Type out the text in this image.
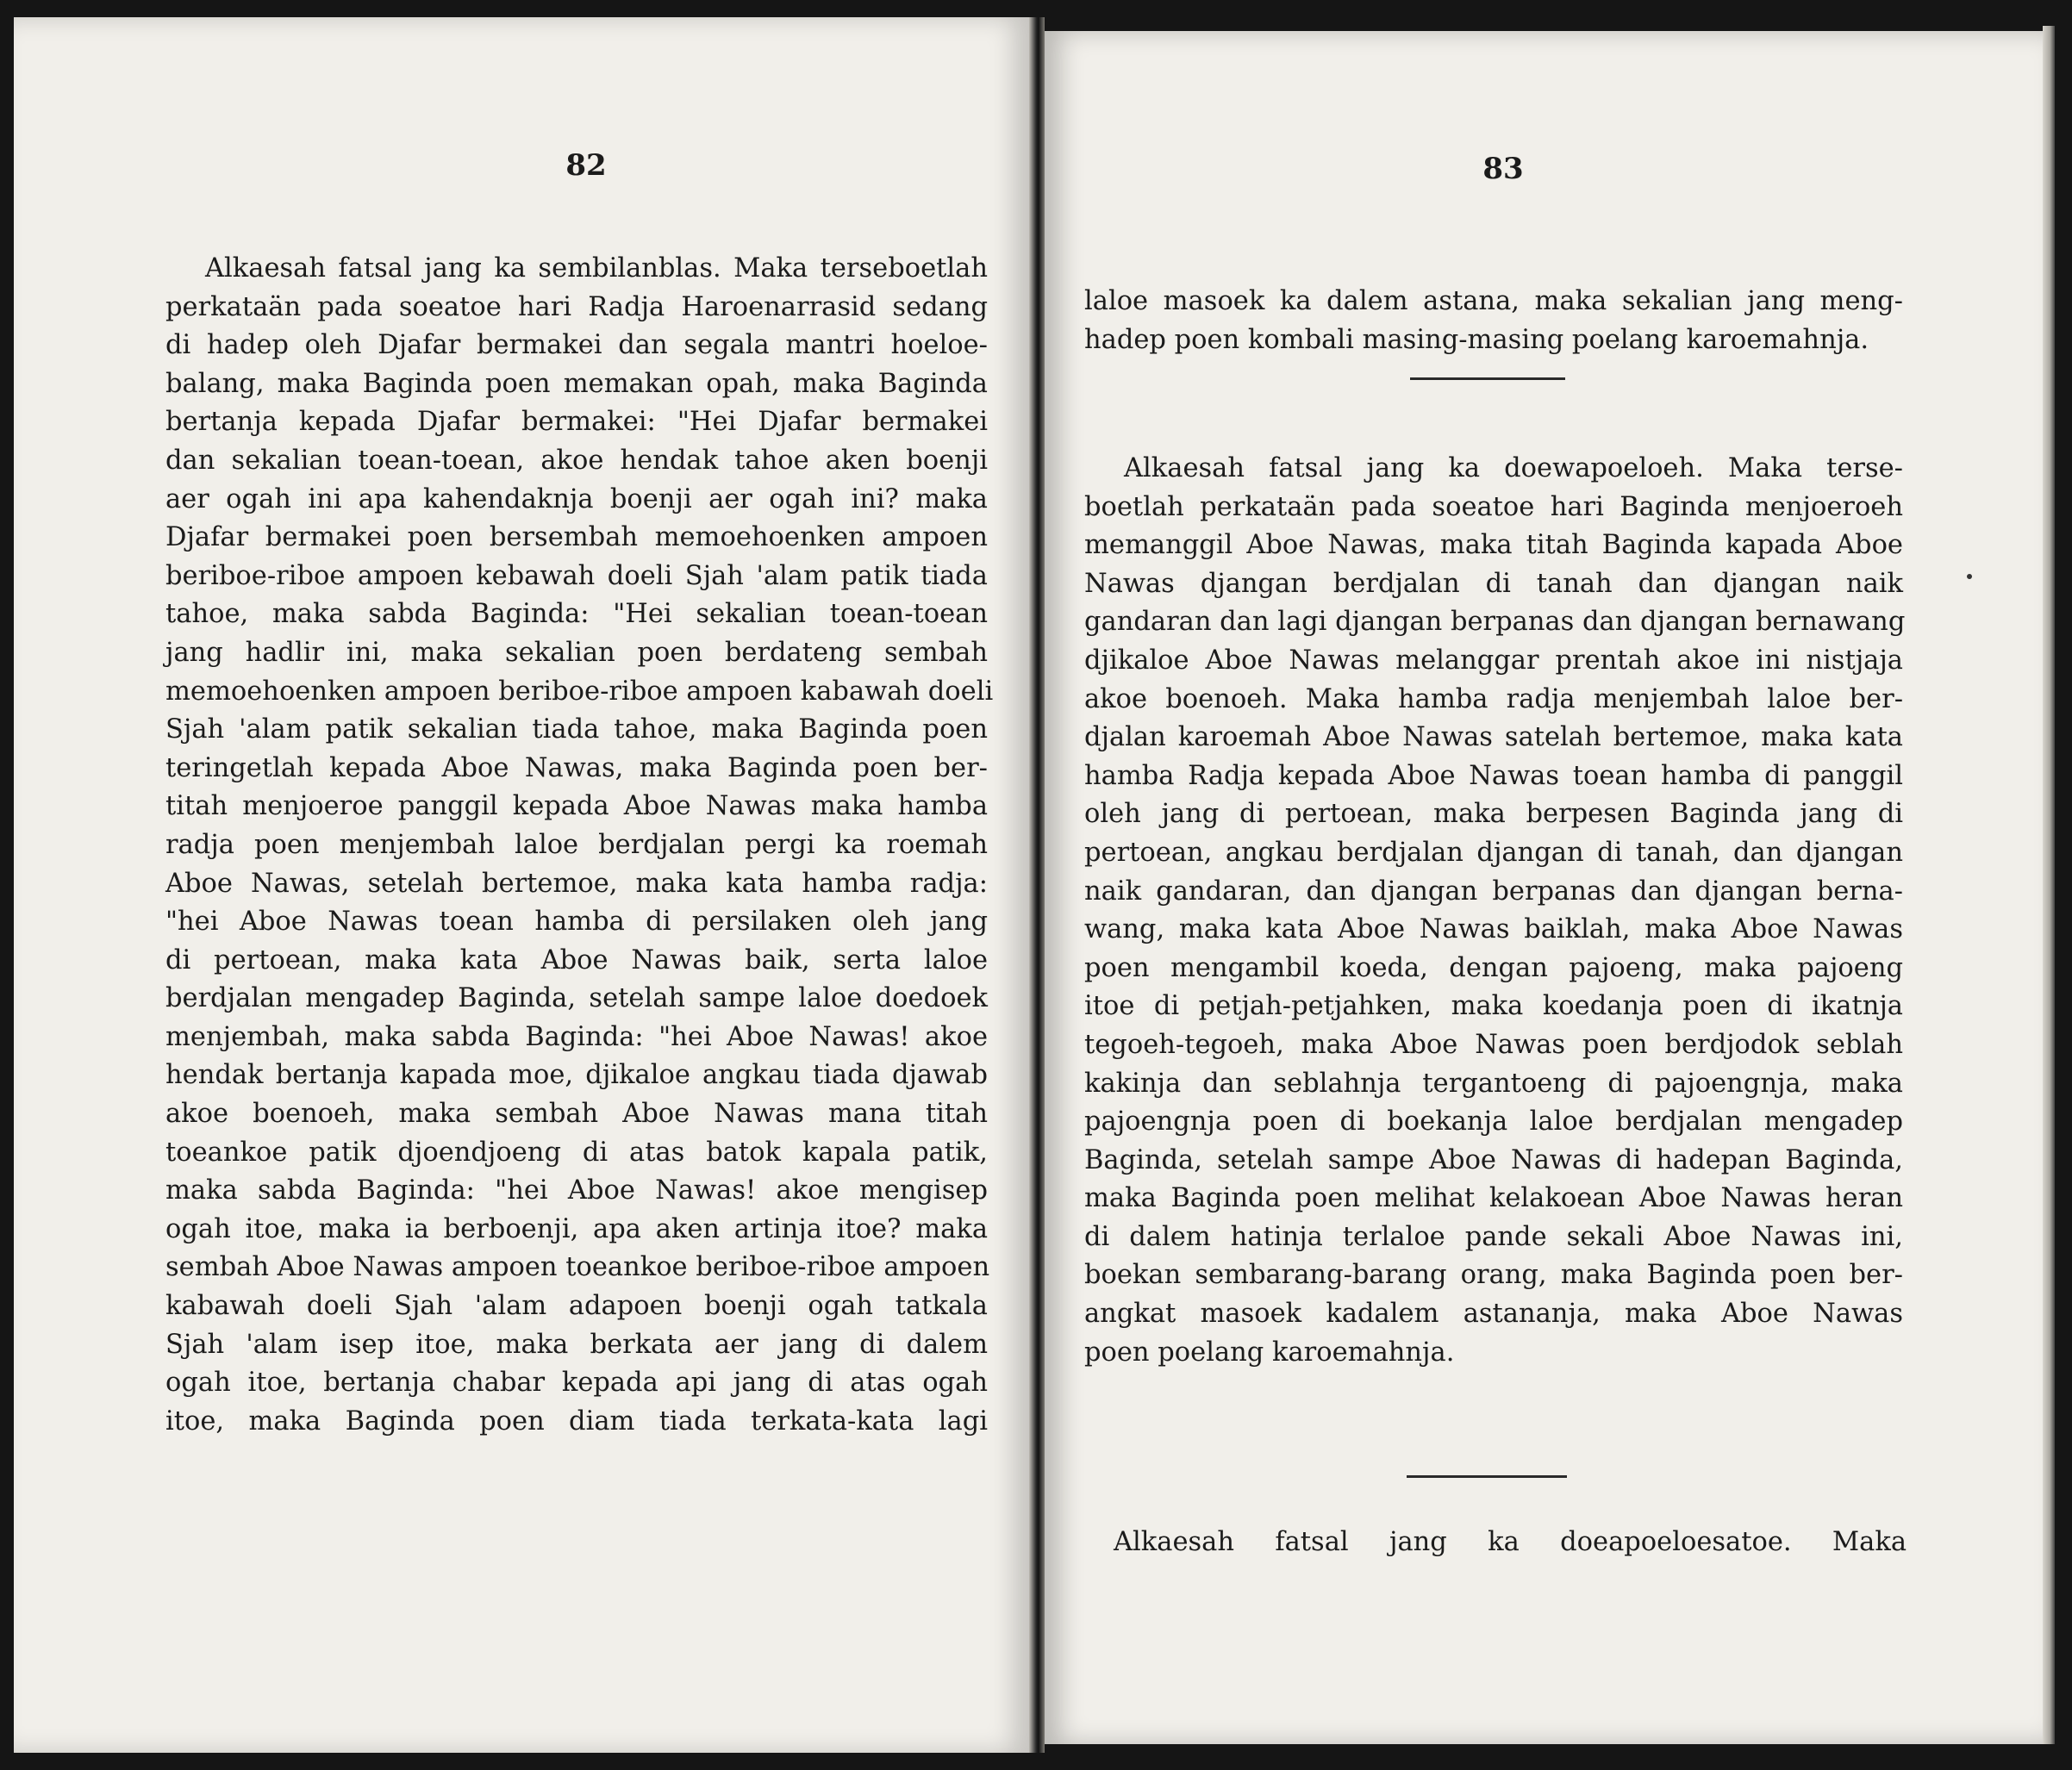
82
Alkaesah fatsal jang ka sembilanblas. Maka terseboetlah
perkataän pada soeatoe hari Radja Haroenarrasid sedang
di hadep oleh Djafar bermakei dan segala mantri hoeloe-
balang, maka Baginda poen memakan opah, maka Baginda
bertanja kepada Djafar bermakei: "Hei Djafar bermakei
dan sekalian toean-toean, akoe hendak tahoe aken boenji
aer ogah ini apa kahendaknja boenji aer ogah ini? maka
Djafar bermakei poen bersembah memoehoenken ampoen
beriboe-riboe ampoen kebawah doeli Sjah 'alam patik tiada
tahoe, maka sabda Baginda: "Hei sekalian toean-toean
jang hadlir ini, maka sekalian poen berdateng sembah
memoehoenken ampoen beriboe-riboe ampoen kabawah doeli
Sjah 'alam patik sekalian tiada tahoe, maka Baginda poen
teringetlah kepada Aboe Nawas, maka Baginda poen ber-
titah menjoeroe panggil kepada Aboe Nawas maka hamba
radja poen menjembah laloe berdjalan pergi ka roemah
Aboe Nawas, setelah bertemoe, maka kata hamba radja:
"hei Aboe Nawas toean hamba di persilaken oleh jang
di pertoean, maka kata Aboe Nawas baik, serta laloe
berdjalan mengadep Baginda, setelah sampe laloe doedoek
menjembah, maka sabda Baginda: "hei Aboe Nawas! akoe
hendak bertanja kapada moe, djikaloe angkau tiada djawab
akoe boenoeh, maka sembah Aboe Nawas mana titah
toeankoe patik djoendjoeng di atas batok kapala patik,
maka sabda Baginda: "hei Aboe Nawas! akoe mengisep
ogah itoe, maka ia berboenji, apa aken artinja itoe? maka
sembah Aboe Nawas ampoen toeankoe beriboe-riboe ampoen
kabawah doeli Sjah 'alam adapoen boenji ogah tatkala
Sjah 'alam isep itoe, maka berkata aer jang di dalem
ogah itoe, bertanja chabar kepada api jang di atas ogah
itoe, maka Baginda poen diam tiada terkata-kata lagi
83
laloe masoek ka dalem astana, maka sekalian jang meng-
hadep poen kombali masing-masing poelang karoemahnja.
Alkaesah fatsal jang ka doewapoeloeh. Maka terse-
boetlah perkataän pada soeatoe hari Baginda menjoeroeh
memanggil Aboe Nawas, maka titah Baginda kapada Aboe
Nawas djangan berdjalan di tanah dan djangan naik
gandaran dan lagi djangan berpanas dan djangan bernawang
djikaloe Aboe Nawas melanggar prentah akoe ini nistjaja
akoe boenoeh. Maka hamba radja menjembah laloe ber-
djalan karoemah Aboe Nawas satelah bertemoe, maka kata
hamba Radja kepada Aboe Nawas toean hamba di panggil
oleh jang di pertoean, maka berpesen Baginda jang di
pertoean, angkau berdjalan djangan di tanah, dan djangan
naik gandaran, dan djangan berpanas dan djangan berna-
wang, maka kata Aboe Nawas baiklah, maka Aboe Nawas
poen mengambil koeda, dengan pajoeng, maka pajoeng
itoe di petjah-petjahken, maka koedanja poen di ikatnja
tegoeh-tegoeh, maka Aboe Nawas poen berdjodok seblah
kakinja dan seblahnja tergantoeng di pajoengnja, maka
pajoengnja poen di boekanja laloe berdjalan mengadep
Baginda, setelah sampe Aboe Nawas di hadepan Baginda,
maka Baginda poen melihat kelakoean Aboe Nawas heran
di dalem hatinja terlaloe pande sekali Aboe Nawas ini,
boekan sembarang-barang orang, maka Baginda poen ber-
angkat masoek kadalem astananja, maka Aboe Nawas
poen poelang karoemahnja.
Alkaesah fatsal jang ka doeapoeloesatoe. Maka
